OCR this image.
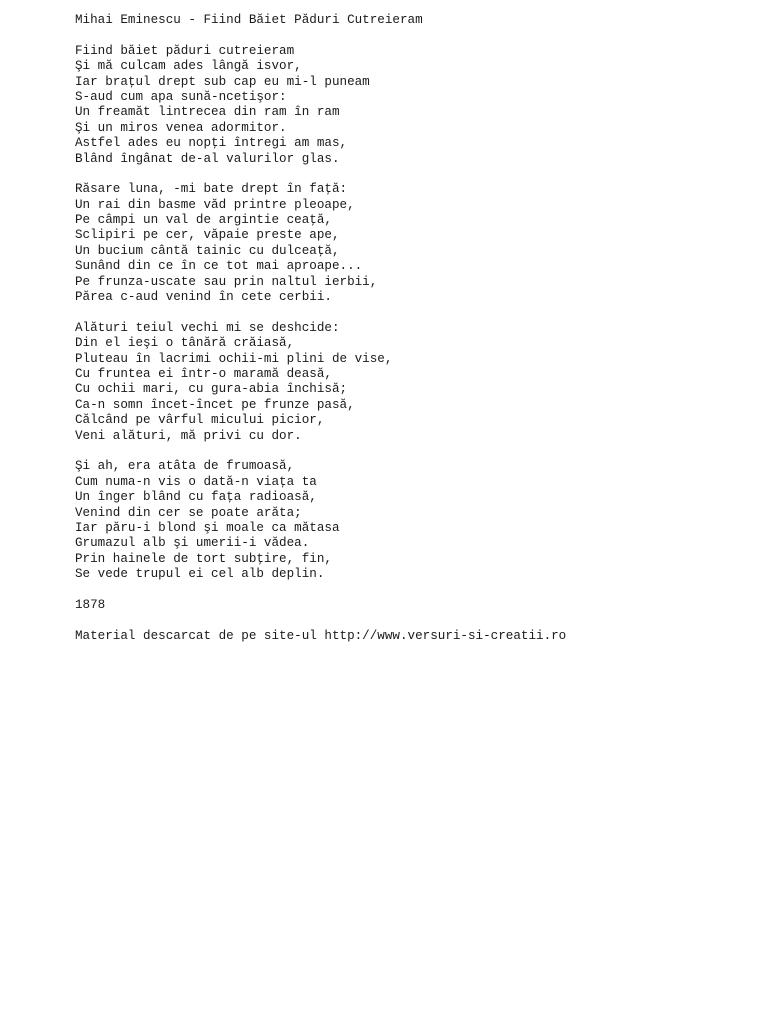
Mihai Eminescu - Fiind Băiet Păduri Cutreieram
Fiind băiet păduri cutreieram
Şi mă culcam ades lângă isvor,
Iar braţul drept sub cap eu mi-l puneam
S-aud cum apa sună-ncetişor:
Un freamăt lintrecea din ram în ram
Şi un miros venea adormitor.
Astfel ades eu nopţi întregi am mas,
Blând îngânat de-al valurilor glas.
Răsare luna, -mi bate drept în faţă:
Un rai din basme văd printre pleoape,
Pe câmpi un val de argintie ceaţă,
Sclipiri pe cer, văpaie preste ape,
Un bucium cântă tainic cu dulceaţă,
Sunând din ce în ce tot mai aproape...
Pe frunza-uscate sau prin naltul ierbii,
Părea c-aud venind în cete cerbii.
Alături teiul vechi mi se deshcide:
Din el ieşi o tânără crăiasă,
Pluteau în lacrimi ochii-mi plini de vise,
Cu fruntea ei într-o maramă deasă,
Cu ochii mari, cu gura-abia închisă;
Ca-n somn încet-încet pe frunze pasă,
Călcând pe vârful micului picior,
Veni alături, mă privi cu dor.
Şi ah, era atâta de frumoasă,
Cum numa-n vis o dată-n viaţa ta
Un înger blând cu faţa radioasă,
Venind din cer se poate arăta;
Iar păru-i blond şi moale ca mătasa
Grumazul alb şi umerii-i vădea.
Prin hainele de tort subţire, fin,
Se vede trupul ei cel alb deplin.
1878
Material descarcat de pe site-ul http://www.versuri-si-creatii.ro
